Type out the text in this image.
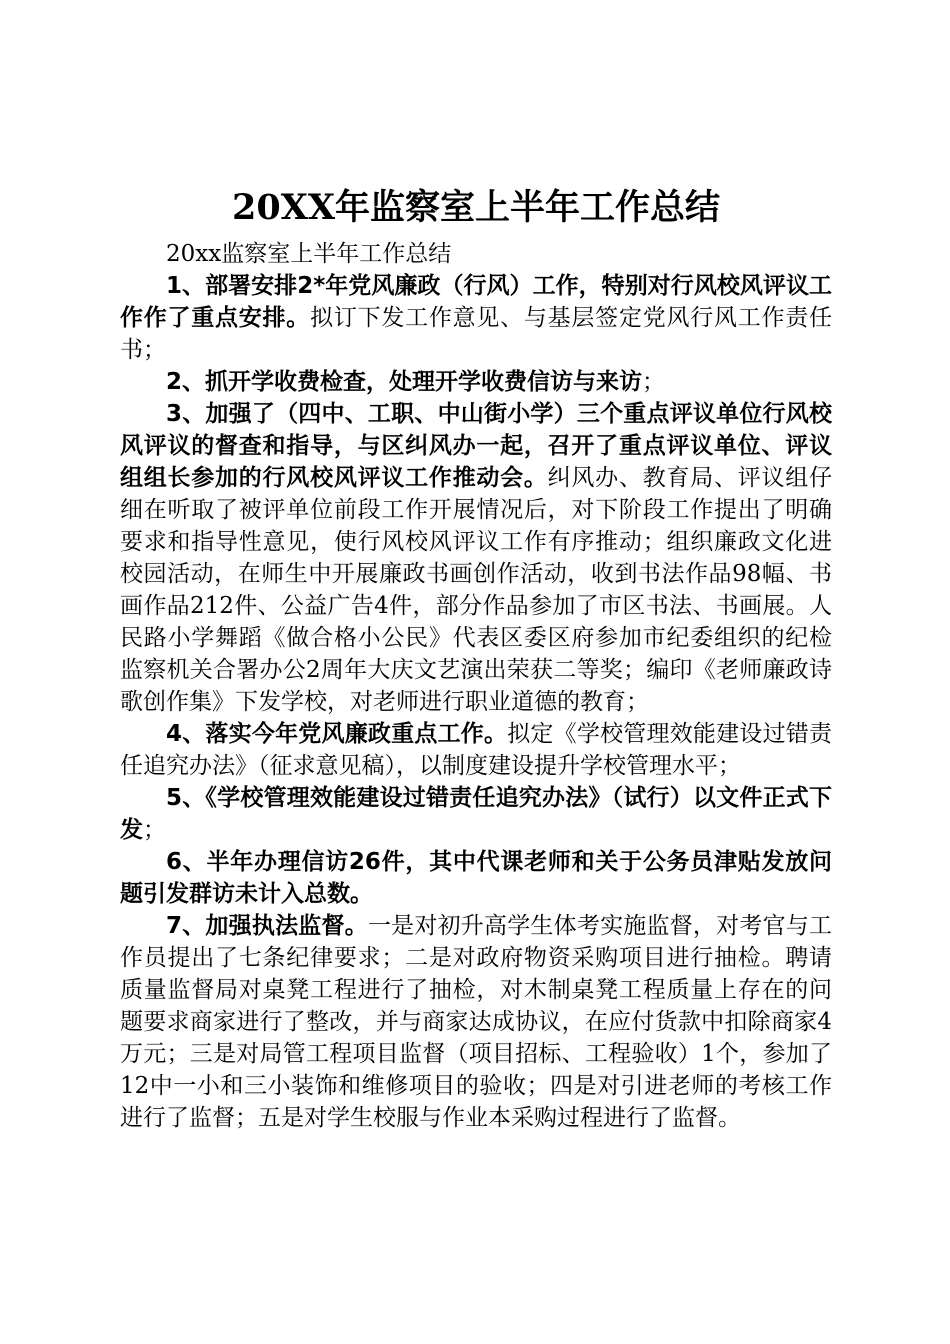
20XX年监察室上半年工作总结

20xx监察室上半年工作总结

1、部署安排2*年党风廉政（行风）工作，特别对行风校风评议工作作了重点安排。拟订下发工作意见、与基层签定党风行风工作责任书；

2、抓开学收费检查，处理开学收费信访与来访；

3、加强了（四中、工职、中山街小学）三个重点评议单位行风校风评议的督查和指导，与区纠风办一起，召开了重点评议单位、评议组组长参加的行风校风评议工作推动会。纠风办、教育局、评议组仔细在听取了被评单位前段工作开展情况后，对下阶段工作提出了明确要求和指导性意见，使行风校风评议工作有序推动；组织廉政文化进校园活动，在师生中开展廉政书画创作活动，收到书法作品98幅、书画作品212件、公益广告4件，部分作品参加了市区书法、书画展。人民路小学舞蹈《做合格小公民》代表区委区府参加市纪委组织的纪检监察机关合署办公2周年大庆文艺演出荣获二等奖；编印《老师廉政诗歌创作集》下发学校，对老师进行职业道德的教育；

4、落实今年党风廉政重点工作。拟定《学校管理效能建设过错责任追究办法》（征求意见稿），以制度建设提升学校管理水平；

5、《学校管理效能建设过错责任追究办法》（试行）以文件正式下发；

6、半年办理信访26件，其中代课老师和关于公务员津贴发放问题引发群访未计入总数。

7、加强执法监督。一是对初升高学生体考实施监督，对考官与工作员提出了七条纪律要求；二是对政府物资采购项目进行抽检。聘请质量监督局对桌凳工程进行了抽检，对木制桌凳工程质量上存在的问题要求商家进行了整改，并与商家达成协议，在应付货款中扣除商家4万元；三是对局管工程项目监督（项目招标、工程验收）1个，参加了12中一小和三小装饰和维修项目的验收；四是对引进老师的考核工作进行了监督；五是对学生校服与作业本采购过程进行了监督。
